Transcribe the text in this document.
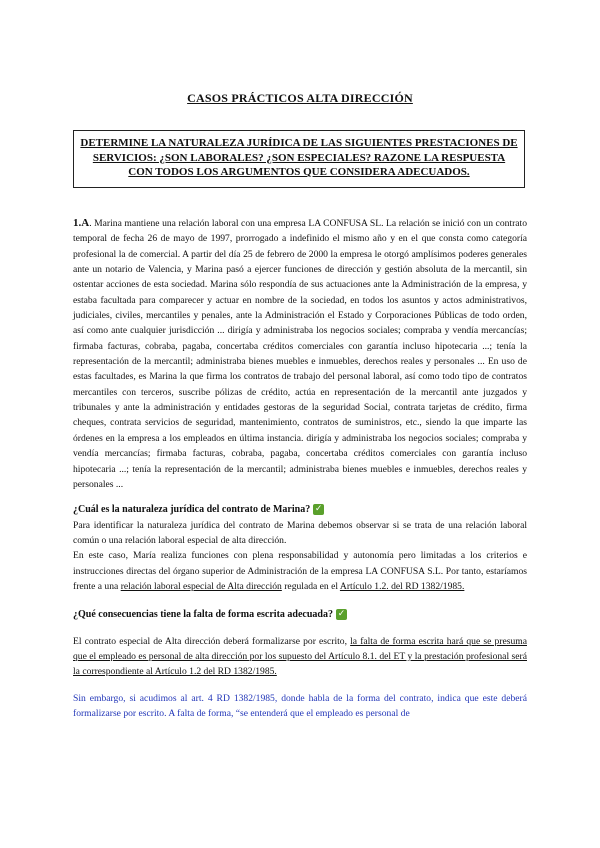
CASOS PRÁCTICOS ALTA DIRECCIÓN
DETERMINE LA NATURALEZA JURÍDICA DE LAS SIGUIENTES PRESTACIONES DE SERVICIOS: ¿SON LABORALES? ¿SON ESPECIALES? RAZONE LA RESPUESTA CON TODOS LOS ARGUMENTOS QUE CONSIDERA ADECUADOS.

1.A. Marina mantiene una relación laboral con una empresa LA CONFUSA SL. La relación se inició con un contrato temporal de fecha 26 de mayo de 1997, prorrogado a indefinido el mismo año y en el que consta como categoría profesional la de comercial. A partir del día 25 de febrero de 2000 la empresa le otorgó amplísimos poderes generales ante un notario de Valencia, y Marina pasó a ejercer funciones de dirección y gestión absoluta de la mercantil, sin ostentar acciones de esta sociedad. Marina sólo respondía de sus actuaciones ante la Administración de la empresa, y estaba facultada para comparecer y actuar en nombre de la sociedad, en todos los asuntos y actos administrativos, judiciales, civiles, mercantiles y penales, ante la Administración el Estado y Corporaciones Públicas de todo orden, así como ante cualquier jurisdicción ... dirigía y administraba los negocios sociales; compraba y vendía mercancías; firmaba facturas, cobraba, pagaba, concertaba créditos comerciales con garantía incluso hipotecaria ...; tenía la representación de la mercantil; administraba bienes muebles e inmuebles, derechos reales y personales ... En uso de estas facultades, es Marina la que firma los contratos de trabajo del personal laboral, así como todo tipo de contratos mercantiles con terceros, suscribe pólizas de crédito, actúa en representación de la mercantil ante juzgados y tribunales y ante la administración y entidades gestoras de la seguridad Social, contrata tarjetas de crédito, firma cheques, contrata servicios de seguridad, mantenimiento, contratos de suministros, etc., siendo la que imparte las órdenes en la empresa a los empleados en última instancia. dirigía y administraba los negocios sociales; compraba y vendía mercancías; firmaba facturas, cobraba, pagaba, concertaba créditos comerciales con garantía incluso hipotecaria ...; tenía la representación de la mercantil; administraba bienes muebles e inmuebles, derechos reales y personales ...

¿Cuál es la naturaleza jurídica del contrato de Marina? ✓

Para identificar la naturaleza jurídica del contrato de Marina debemos observar si se trata de una relación laboral común o una relación laboral especial de alta dirección.

En este caso, María realiza funciones con plena responsabilidad y autonomía pero limitadas a los criterios e instrucciones directas del órgano superior de Administración de la empresa LA CONFUSA S.L. Por tanto, estaríamos frente a una relación laboral especial de Alta dirección regulada en el Artículo 1.2. del RD 1382/1985.

¿Qué consecuencias tiene la falta de forma escrita adecuada? ✓

El contrato especial de Alta dirección deberá formalizarse por escrito, la falta de forma escrita hará que se presuma que el empleado es personal de alta dirección por los supuesto del Artículo 8.1. del ET y la prestación profesional será la correspondiente al Artículo 1.2 del RD 1382/1985.

Sin embargo, si acudimos al art. 4 RD 1382/1985, donde habla de la forma del contrato, indica que este deberá formalizarse por escrito. A falta de forma, “se entenderá que el empleado es personal de
